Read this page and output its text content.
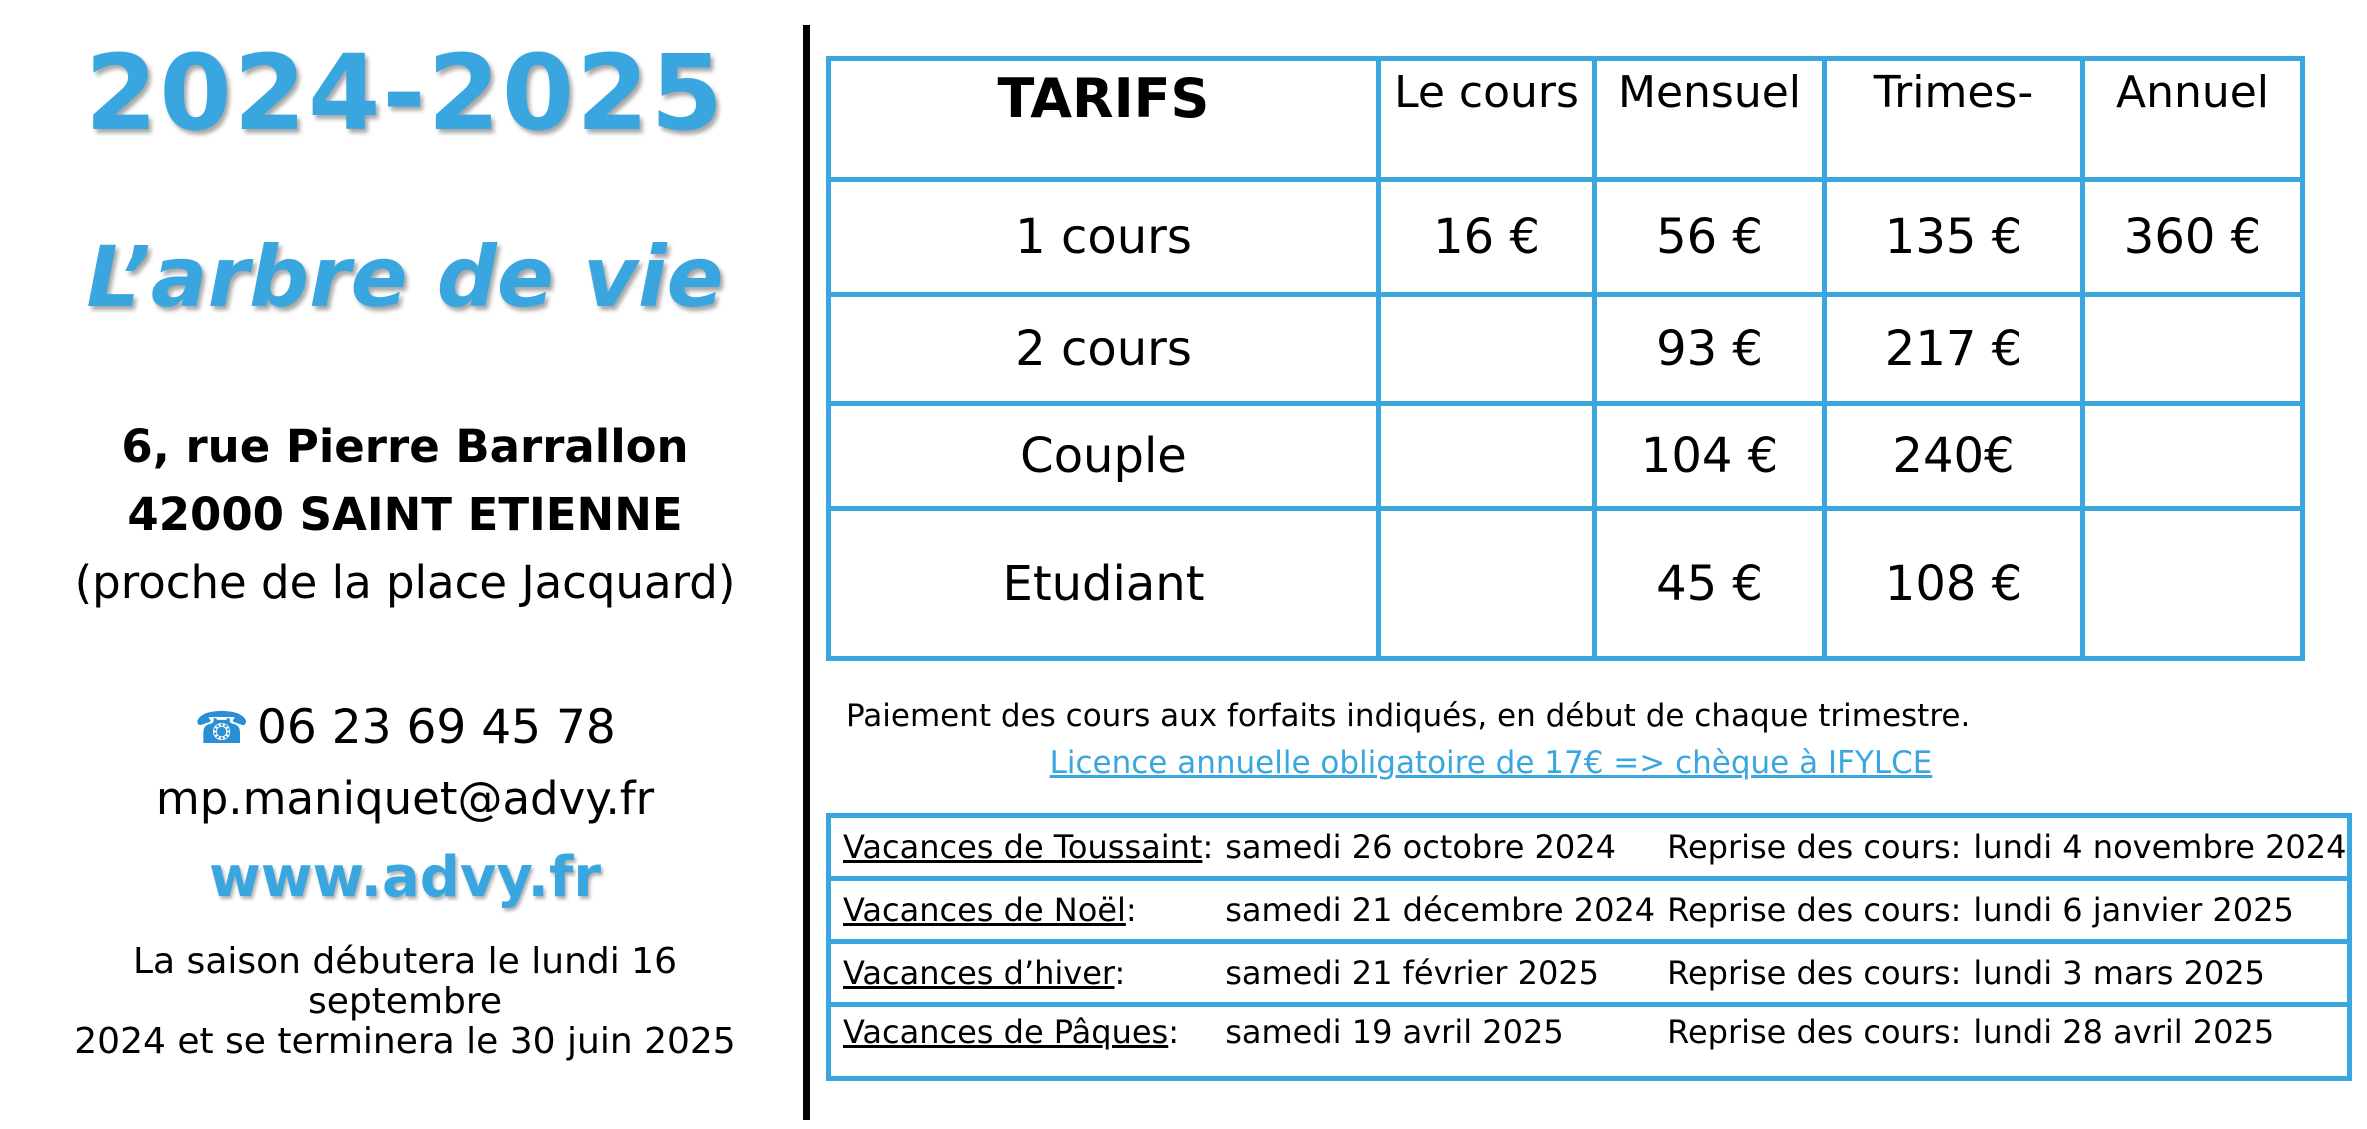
2024-2025
L’arbre de vie
6, rue Pierre Barrallon
42000 SAINT ETIENNE
(proche de la place Jacquard)
☎ 06 23 69 45 78
mp.maniquet@advy.fr
www.advy.fr
La saison débutera le lundi 16 septembre
2024 et se terminera le 30 juin 2025
TARIFS	Le cours	Mensuel	Trimes-	Annuel
1 cours	16 €	56 €	135 €	360 €
2 cours		93 €	217 €	
Couple		104 €	240€	
Etudiant		45 €	108 €	
Paiement des cours aux forfaits indiqués, en début de chaque trimestre.
Licence annuelle obligatoire de 17€ => chèque à IFYLCE
Vacances de Toussaint:	samedi 26 octobre 2024	Reprise des cours:	lundi 4 novembre 2024
Vacances de Noël:	samedi 21 décembre 2024	Reprise des cours:	lundi 6 janvier 2025
Vacances d’hiver:	samedi 21 février 2025	Reprise des cours:	lundi 3 mars 2025
Vacances de Pâques:	samedi 19 avril 2025	Reprise des cours:	lundi 28 avril 2025
